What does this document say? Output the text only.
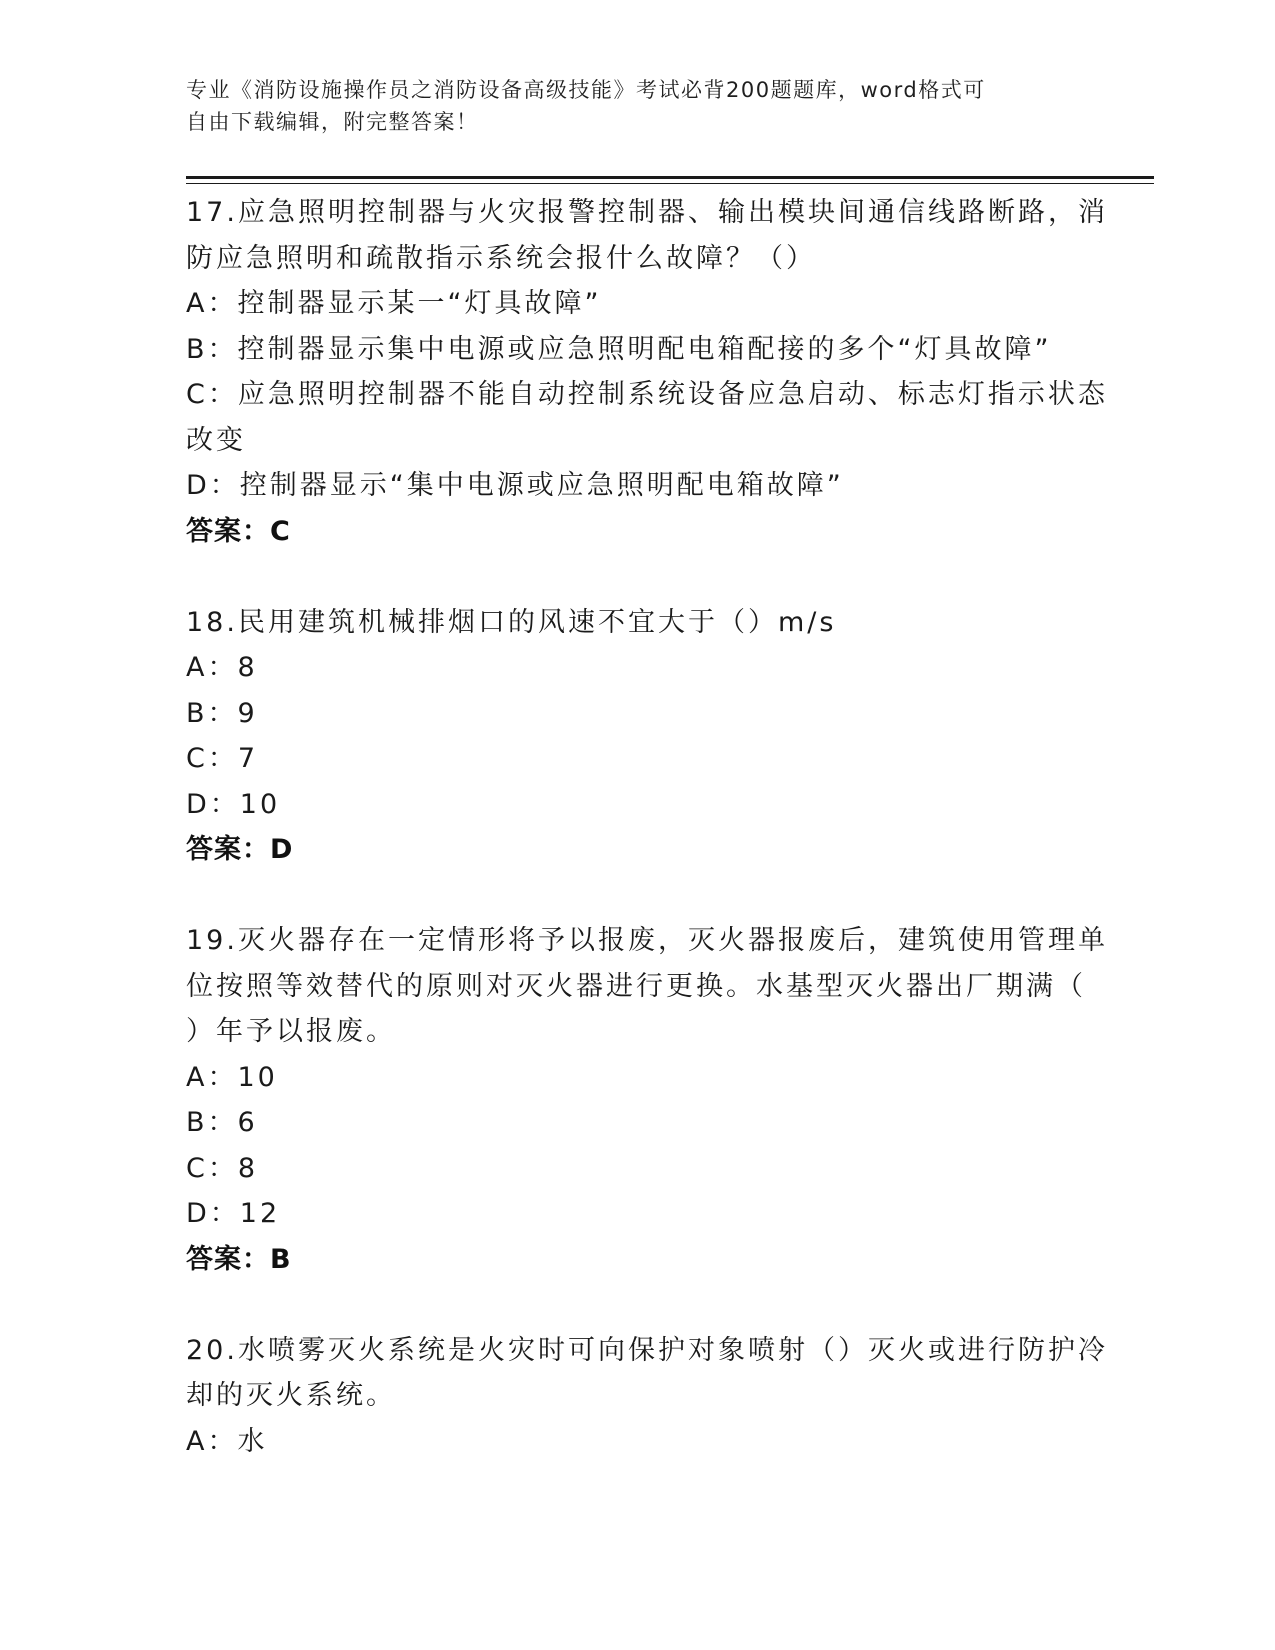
专业《消防设施操作员之消防设备高级技能》考试必背200题题库，word格式可
自由下载编辑，附完整答案！
17.应急照明控制器与火灾报警控制器、输出模块间通信线路断路，消
防应急照明和疏散指示系统会报什么故障？（）
A：控制器显示某一“灯具故障”
B：控制器显示集中电源或应急照明配电箱配接的多个“灯具故障”
C：应急照明控制器不能自动控制系统设备应急启动、标志灯指示状态
改变
D：控制器显示“集中电源或应急照明配电箱故障”
答案：C
18.民用建筑机械排烟口的风速不宜大于（）m/s
A：8
B：9
C：7
D：10
答案：D
19.灭火器存在一定情形将予以报废，灭火器报废后，建筑使用管理单
位按照等效替代的原则对灭火器进行更换。水基型灭火器出厂期满（
）年予以报废。
A：10
B：6
C：8
D：12
答案：B
20.水喷雾灭火系统是火灾时可向保护对象喷射（）灭火或进行防护冷
却的灭火系统。
A：水
